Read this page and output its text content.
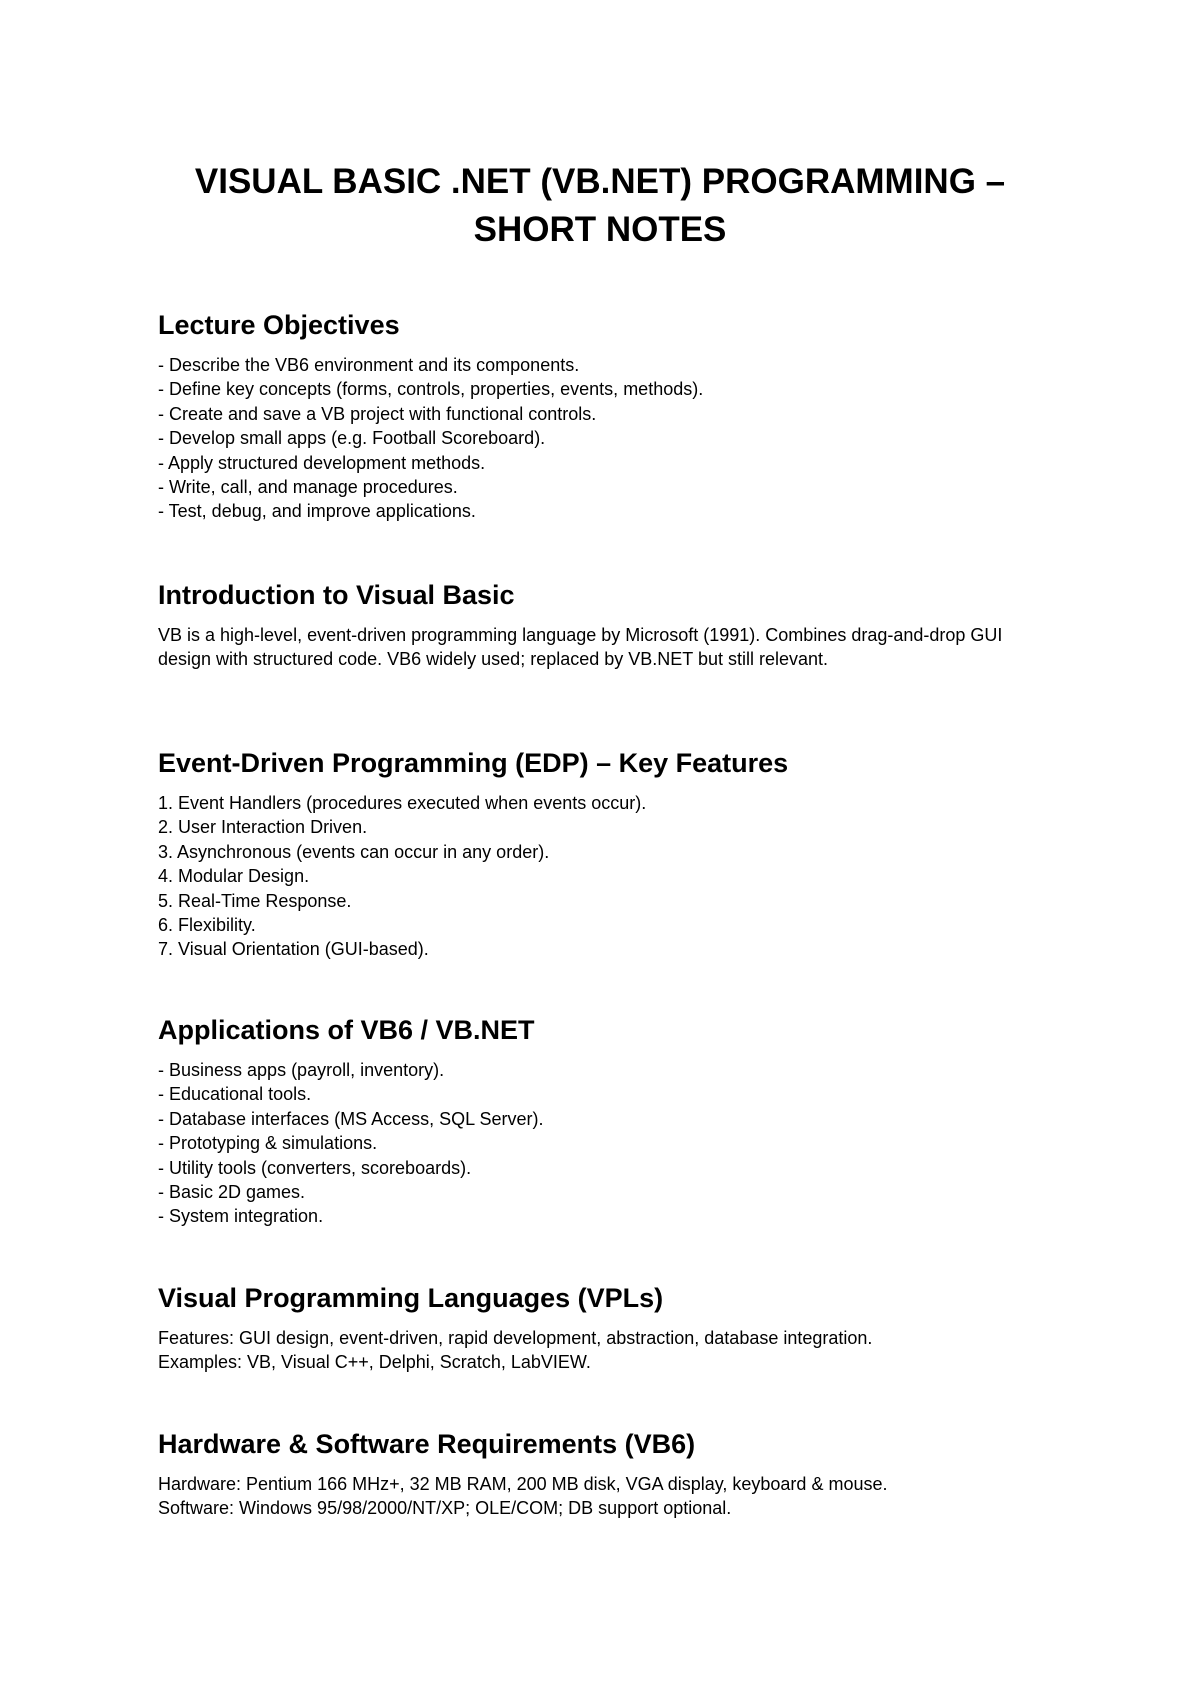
VISUAL BASIC .NET (VB.NET) PROGRAMMING –
SHORT NOTES
Lecture Objectives
- Describe the VB6 environment and its components.
- Define key concepts (forms, controls, properties, events, methods).
- Create and save a VB project with functional controls.
- Develop small apps (e.g. Football Scoreboard).
- Apply structured development methods.
- Write, call, and manage procedures.
- Test, debug, and improve applications.
Introduction to Visual Basic

VB is a high-level, event-driven programming language by Microsoft (1991). Combines drag-and-drop GUI design with structured code. VB6 widely used; replaced by VB.NET but still relevant.

Event-Driven Programming (EDP) – Key Features
1. Event Handlers (procedures executed when events occur).
2. User Interaction Driven.
3. Asynchronous (events can occur in any order).
4. Modular Design.
5. Real-Time Response.
6. Flexibility.
7. Visual Orientation (GUI-based).
Applications of VB6 / VB.NET
- Business apps (payroll, inventory).
- Educational tools.
- Database interfaces (MS Access, SQL Server).
- Prototyping & simulations.
- Utility tools (converters, scoreboards).
- Basic 2D games.
- System integration.
Visual Programming Languages (VPLs)
Features: GUI design, event-driven, rapid development, abstraction, database integration.
Examples: VB, Visual C++, Delphi, Scratch, LabVIEW.
Hardware & Software Requirements (VB6)
Hardware: Pentium 166 MHz+, 32 MB RAM, 200 MB disk, VGA display, keyboard & mouse.
Software: Windows 95/98/2000/NT/XP; OLE/COM; DB support optional.
